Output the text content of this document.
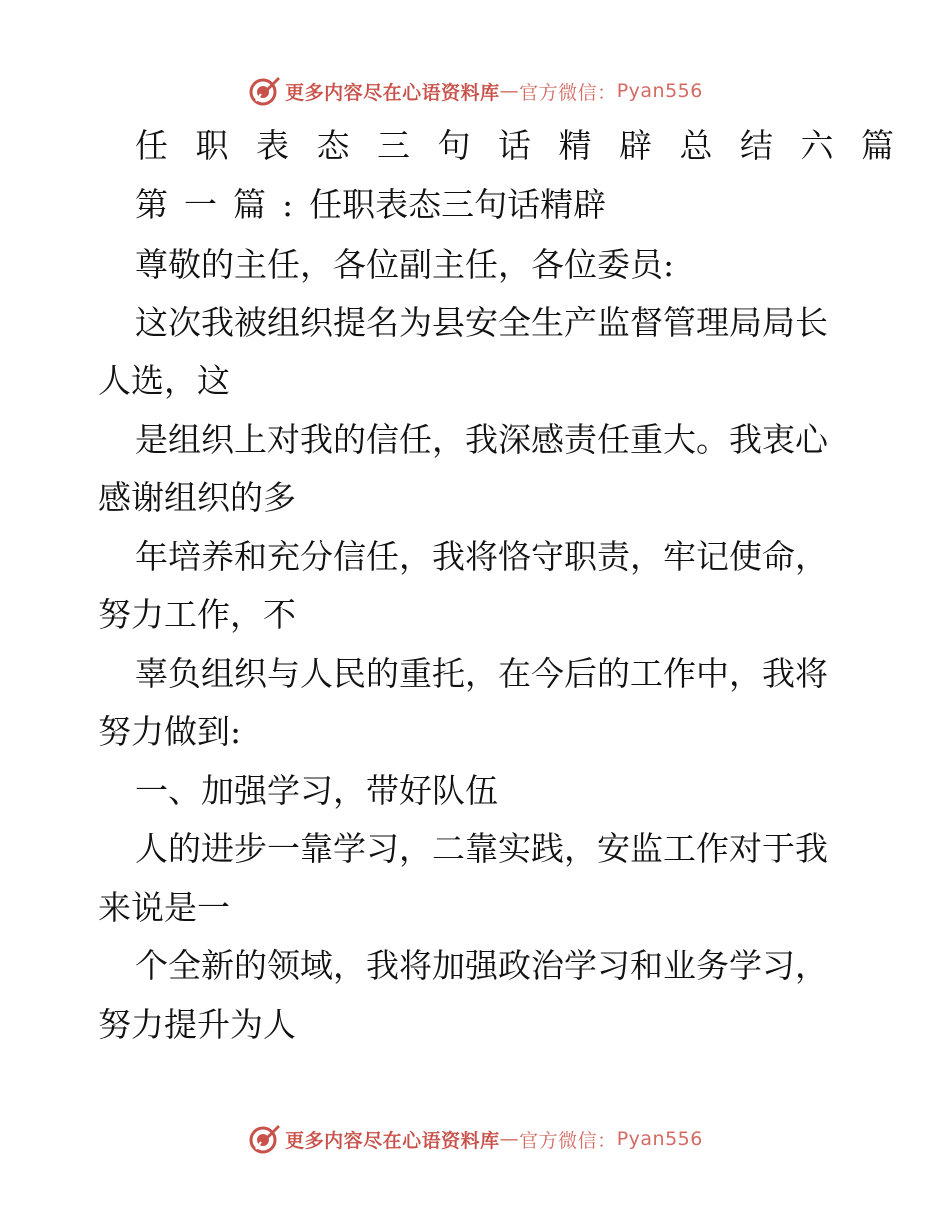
更多内容尽在心语资料库 — 官方微信： Pyan556
任职表态三句话精辟总结六篇
第一篇:任职表态三句话精辟
尊敬的主任，各位副主任，各位委员:
这次我被组织提名为县安全生产监督管理局局长
人选，这
是组织上对我的信任，我深感责任重大。我衷心
感谢组织的多
年培养和充分信任，我将恪守职责，牢记使命，
努力工作，不
辜负组织与人民的重托，在今后的工作中，我将
努力做到:
一、加强学习，带好队伍
人的进步一靠学习，二靠实践，安监工作对于我
来说是一
个全新的领域，我将加强政治学习和业务学习，
努力提升为人
更多内容尽在心语资料库 — 官方微信： Pyan556
